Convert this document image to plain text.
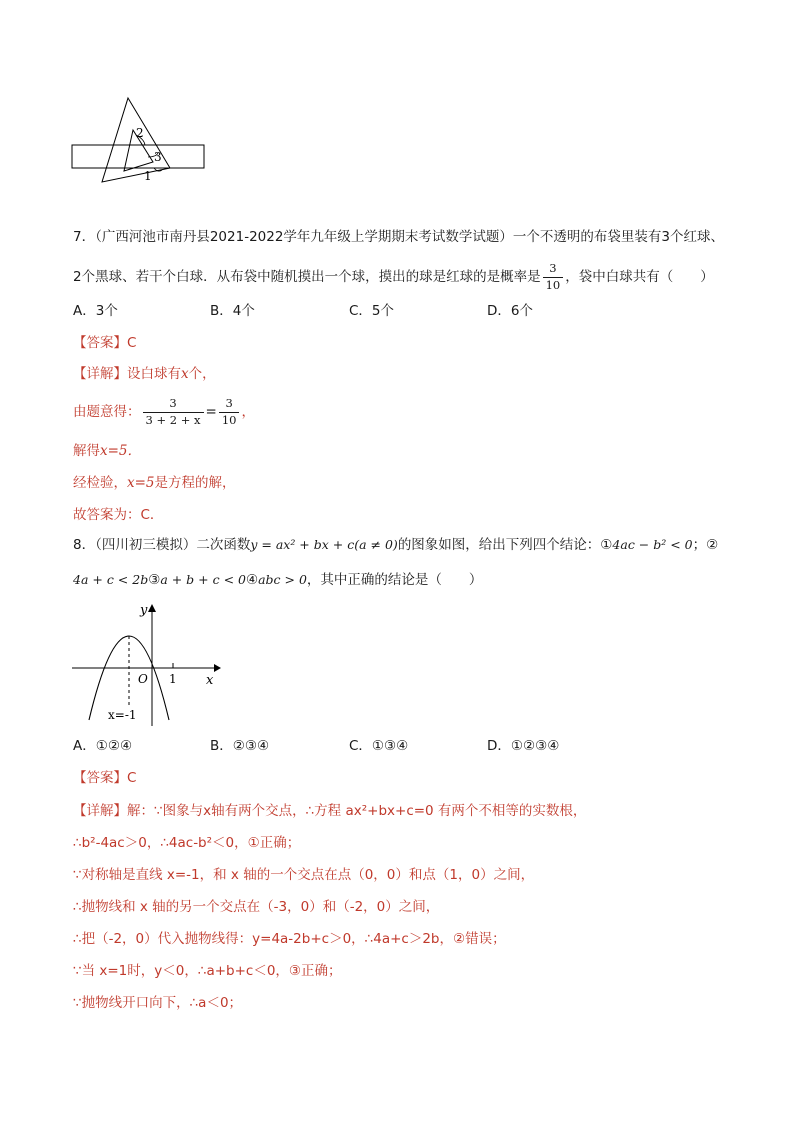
2
3
1
7．（广西河池市南丹县2021-2022学年九年级上学期期末考试数学试题）一个不透明的布袋里装有3个红球、
2个黑球、若干个白球．从布袋中随机摸出一个球，摸出的球是红球的是概率是 $\frac{3}{10}$ ，袋中白球共有（　　）
A．3个	B．4个	C．5个	D．6个
【答案】C
【详解】设白球有x个，
由题意得： $\frac{3}{3 + 2 + x} = \frac{3}{10}$ ，
解得x=5．
经检验，x=5是方程的解，
故答案为：C．
8．（四川初三模拟）二次函数y = ax² + bx + c(a ≠ 0)的图象如图，给出下列四个结论：①4ac − b² < 0；②
4a + c < 2b③a + b + c < 0④abc > 0，其中正确的结论是（　　）
y
x
O 1
x=-1
A．①②④	B．②③④	C．①③④	D．①②③④
【答案】C
【详解】解：∵图象与x轴有两个交点，∴方程 ax²+bx+c=0 有两个不相等的实数根，
∴b²-4ac＞0，∴4ac-b²＜0，①正确；
∵对称轴是直线 x=-1，和 x 轴的一个交点在点（0，0）和点（1，0）之间，
∴抛物线和 x 轴的另一个交点在（-3，0）和（-2，0）之间，
∴把（-2，0）代入抛物线得：y=4a-2b+c＞0，∴4a+c＞2b，②错误；
∵当 x=1时，y＜0，∴a+b+c＜0，③正确；
∵抛物线开口向下，∴a＜0；
